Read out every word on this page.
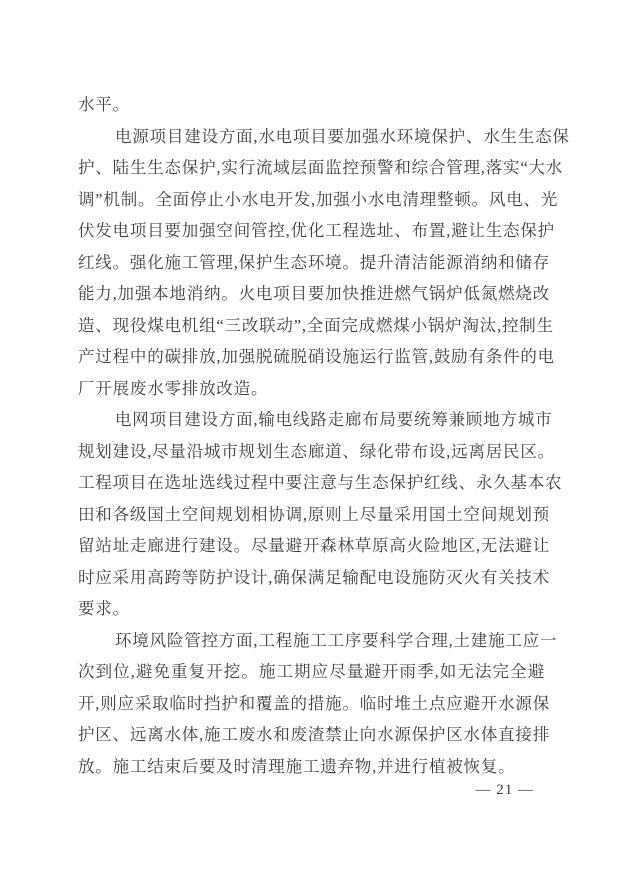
水平。
电源项目建设方面,水电项目要加强水环境保护、水生生态保
护、陆生生态保护,实行流域层面监控预警和综合管理,落实“大水
调”机制。全面停止小水电开发,加强小水电清理整顿。风电、光
伏发电项目要加强空间管控,优化工程选址、布置,避让生态保护
红线。强化施工管理,保护生态环境。提升清洁能源消纳和储存
能力,加强本地消纳。火电项目要加快推进燃气锅炉低氮燃烧改
造、现役煤电机组“三改联动”,全面完成燃煤小锅炉淘汰,控制生
产过程中的碳排放,加强脱硫脱硝设施运行监管,鼓励有条件的电
厂开展废水零排放改造。
电网项目建设方面,输电线路走廊布局要统筹兼顾地方城市
规划建设,尽量沿城市规划生态廊道、绿化带布设,远离居民区。
工程项目在选址选线过程中要注意与生态保护红线、永久基本农
田和各级国土空间规划相协调,原则上尽量采用国土空间规划预
留站址走廊进行建设。尽量避开森林草原高火险地区,无法避让
时应采用高跨等防护设计,确保满足输配电设施防灭火有关技术
要求。
环境风险管控方面,工程施工工序要科学合理,土建施工应一
次到位,避免重复开挖。施工期应尽量避开雨季,如无法完全避
开,则应采取临时挡护和覆盖的措施。临时堆土点应避开水源保
护区、远离水体,施工废水和废渣禁止向水源保护区水体直接排
放。施工结束后要及时清理施工遗弃物,并进行植被恢复。
— 21 —
